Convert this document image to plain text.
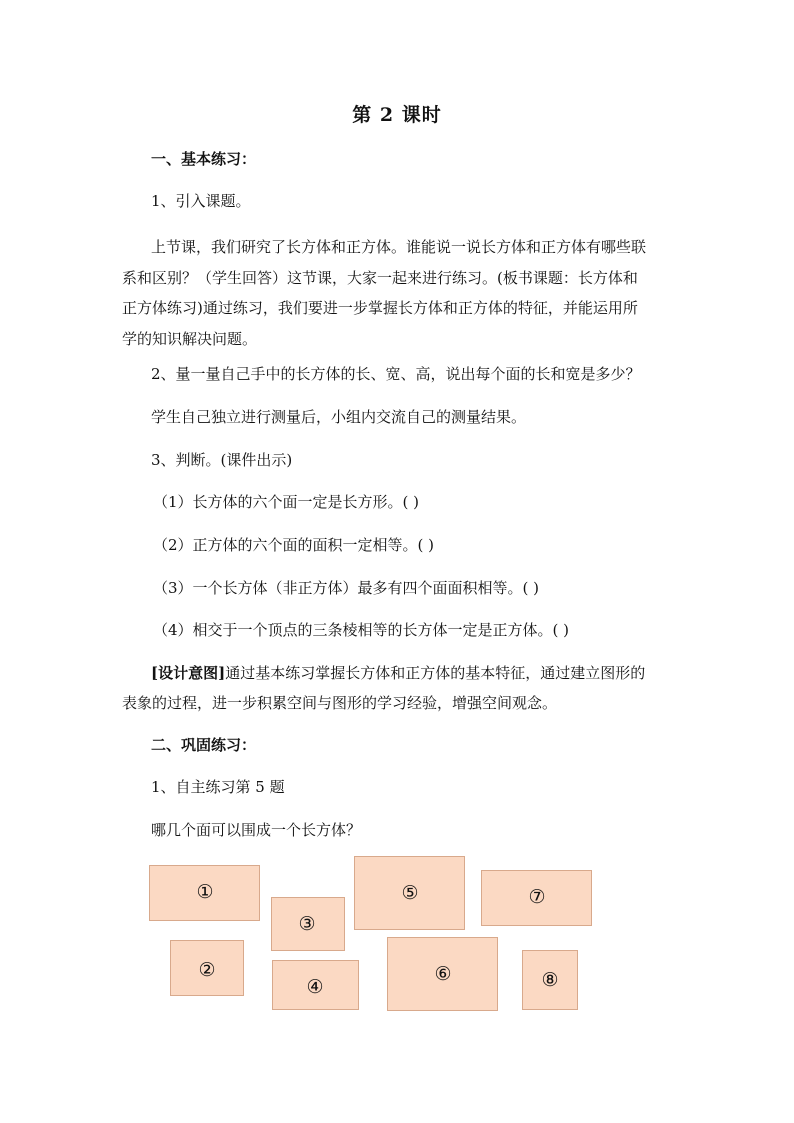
第 2 课时
一、基本练习：
1、引入课题。

上节课，我们研究了长方体和正方体。谁能说一说长方体和正方体有哪些联

系和区别？（学生回答）这节课，大家一起来进行练习。(板书课题：长方体和

正方体练习)通过练习，我们要进一步掌握长方体和正方体的特征，并能运用所

学的知识解决问题。

2、量一量自己手中的长方体的长、宽、高，说出每个面的长和宽是多少？
学生自己独立进行测量后，小组内交流自己的测量结果。
3、判断。(课件出示)
（1）长方体的六个面一定是长方形。( )
（2）正方体的六个面的面积一定相等。( )
（3）一个长方体（非正方体）最多有四个面面积相等。( )
（4）相交于一个顶点的三条棱相等的长方体一定是正方体。( )
[设计意图]通过基本练习掌握长方体和正方体的基本特征，通过建立图形的
表象的过程，进一步积累空间与图形的学习经验，增强空间观念。
二、巩固练习：
1、自主练习第 5 题
哪几个面可以围成一个长方体？
①
②
③
④
⑤
⑥
⑦
⑧
